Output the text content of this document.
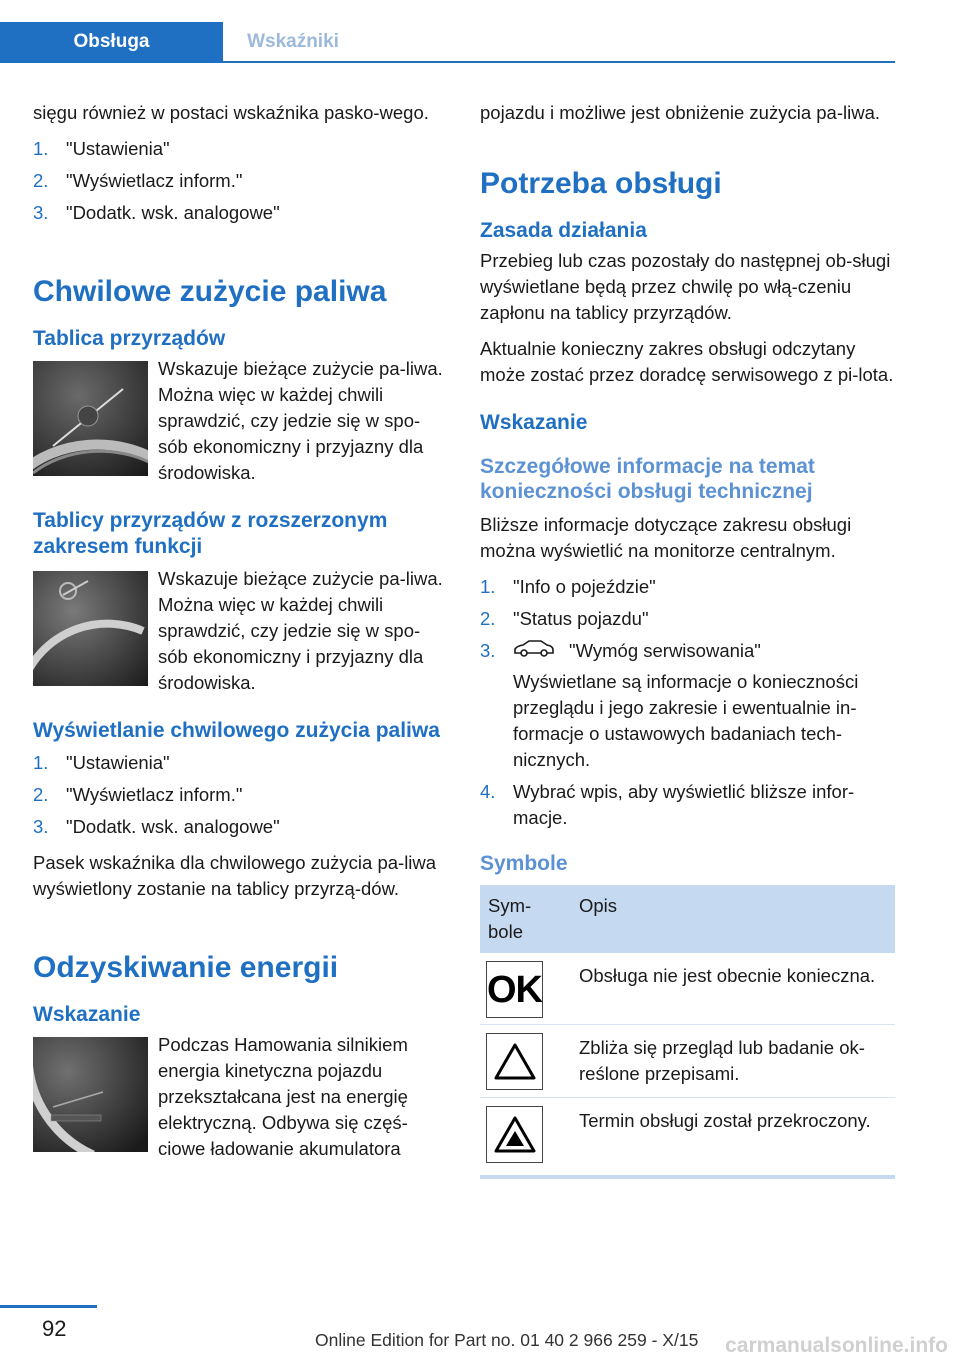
Obsługa	Wskaźniki

sięgu również w postaci wskaźnika pasko-wego.

1. "Ustawienia"
2. "Wyświetlacz inform."
3. "Dodatk. wsk. analogowe"
Chwilowe zużycie paliwa
Tablica przyrządów
Wskazuje bieżące zużycie pa-liwa. Można więc w każdej chwili sprawdzić, czy jedzie się w spo-sób ekonomiczny i przyjazny dla środowiska.
Tablicy przyrządów z rozszerzonym zakresem funkcji
Wskazuje bieżące zużycie pa-liwa. Można więc w każdej chwili sprawdzić, czy jedzie się w spo-sób ekonomiczny i przyjazny dla środowiska.
Wyświetlanie chwilowego zużycia paliwa
1. "Ustawienia"
2. "Wyświetlacz inform."
3. "Dodatk. wsk. analogowe"

Pasek wskaźnika dla chwilowego zużycia pa-liwa wyświetlony zostanie na tablicy przyrzą-dów.

Odzyskiwanie energii
Wskazanie
Podczas Hamowania silnikiem energia kinetyczna pojazdu przekształcana jest na energię elektryczną. Odbywa się częś-ciowe ładowanie akumulatora

pojazdu i możliwe jest obniżenie zużycia pa-liwa.

Potrzeba obsługi
Zasada działania

Przebieg lub czas pozostały do następnej ob-sługi wyświetlane będą przez chwilę po włą-czeniu zapłonu na tablicy przyrządów.

Aktualnie konieczny zakres obsługi odczytany może zostać przez doradcę serwisowego z pi-lota.

Wskazanie
Szczegółowe informacje na temat konieczności obsługi technicznej

Bliższe informacje dotyczące zakresu obsługi można wyświetlić na monitorze centralnym.

1. "Info o pojeździe"
2. "Status pojazdu"
3.	"Wymóg serwisowania"
Wyświetlane są informacje o konieczności przeglądu i jego zakresie i ewentualnie in-formacje o ustawowych badaniach tech-nicznych.
4. Wybrać wpis, aby wyświetlić bliższe infor-macje.
Symbole
Sym-bole	Opis

OK	Obsługa nie jest obecnie konieczna.

	Zbliża się przegląd lub badanie ok-reślone przepisami.

	Termin obsługi został przekroczony.
92	Online Edition for Part no. 01 40 2 966 259 - X/15 carmanualsonline.info
